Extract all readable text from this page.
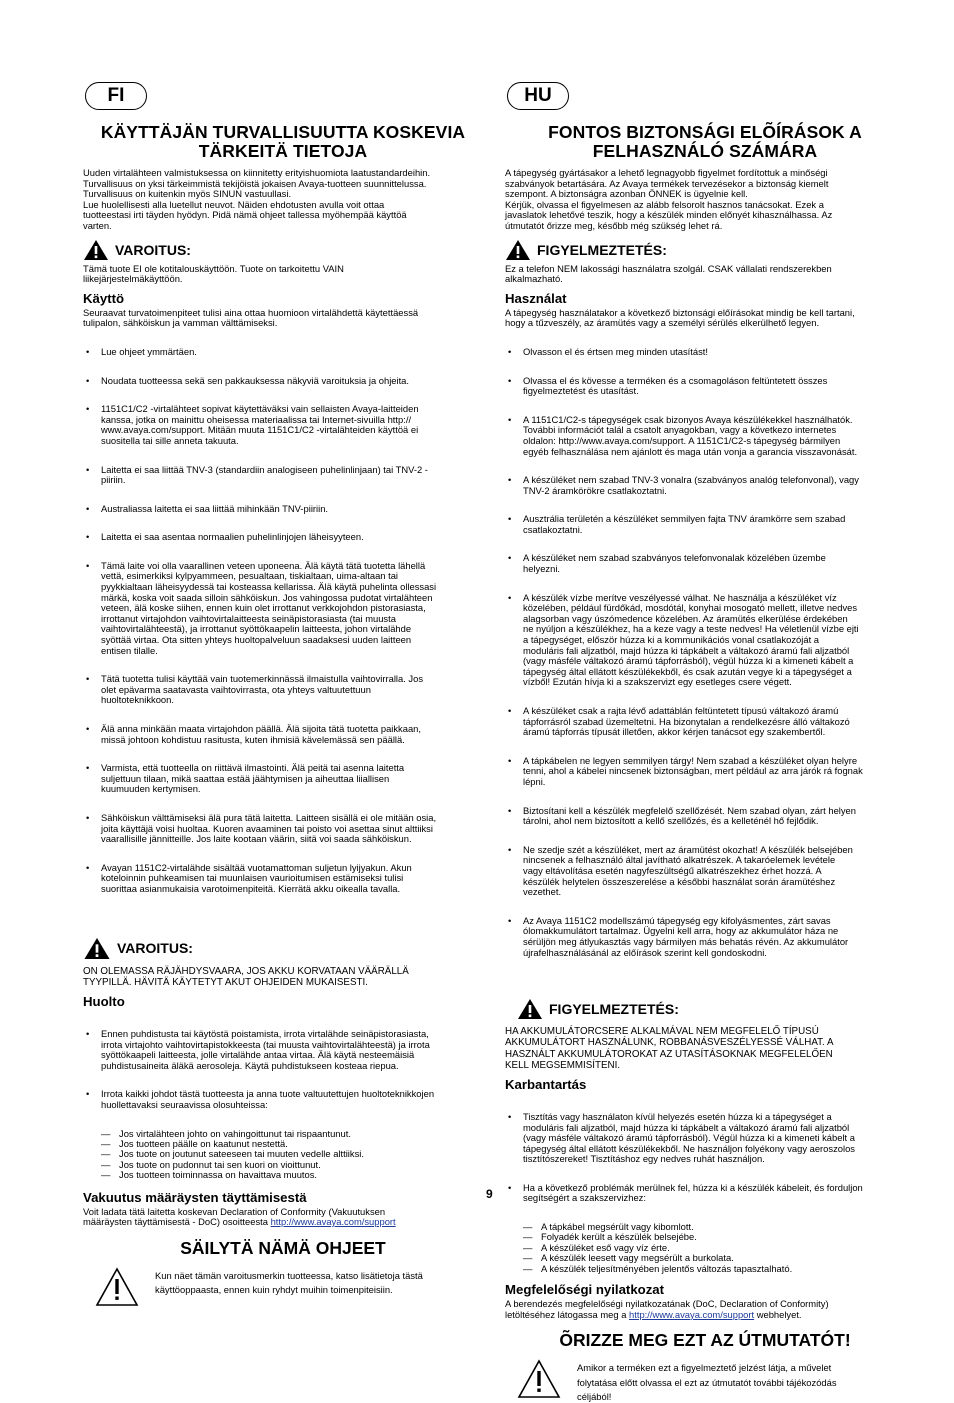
FI
KÄYTTÄJÄN TURVALLISUUTTA KOSKEVIA TÄRKEITÄ TIETOJA

Uuden virtalähteen valmistuksessa on kiinnitetty erityishuomiota laatustandardeihin.

Turvallisuus on yksi tärkeimmistä tekijöistä jokaisen Avaya-tuotteen suunnittelussa.

Turvallisuus on kuitenkin myös SINUN vastuullasi.

Lue huolellisesti alla luetellut neuvot. Näiden ehdotusten avulla voit ottaa

tuotteestasi irti täyden hyödyn. Pidä nämä ohjeet tallessa myöhempää käyttöä

varten.

VAROITUS:

Tämä tuote EI ole kotitalouskäyttöön. Tuote on tarkoitettu VAIN

liikejärjestelmäkäyttöön.

Käyttö

Seuraavat turvatoimenpiteet tulisi aina ottaa huomioon virtalähdettä käytettäessä

tulipalon, sähköiskun ja vamman välttämiseksi.

• Lue ohjeet ymmärtäen.

• Noudata tuotteessa sekä sen pakkauksessa näkyviä varoituksia ja ohjeita.

• 1151C1/C2 -virtalähteet sopivat käytettäväksi vain sellaisten Avaya-laitteiden
kanssa, jotka on mainittu oheisessa materiaalissa tai Internet-sivuilla http://
www.avaya.com/support. Mitään muuta 1151C1/C2 -virtalähteiden käyttöä ei
suositella tai sille anneta takuuta.

• Laitetta ei saa liittää TNV-3 (standardiin analogiseen puhelinlinjaan) tai TNV-2 -
piiriin.

• Australiassa laitetta ei saa liittää mihinkään TNV-piiriin.

• Laitetta ei saa asentaa normaalien puhelinlinjojen läheisyyteen.

• Tämä laite voi olla vaarallinen veteen uponeena. Älä käytä tätä tuotetta lähellä
vettä, esimerkiksi kylpyammeen, pesualtaan, tiskialtaan, uima-altaan tai
pyykkialtaan läheisyydessä tai kosteassa kellarissa. Älä käytä puhelinta ollessasi
märkä, koska voit saada silloin sähköiskun. Jos vahingossa pudotat virtalähteen
veteen, älä koske siihen, ennen kuin olet irrottanut verkkojohdon pistorasiasta,
irrottanut virtajohdon vaihtovirtalaitteesta seinäpistorasiasta (tai muusta
vaihtovirtalähteestä), ja irrottanut syöttökaapelin laitteesta, johon virtalähde
syöttää virtaa. Ota sitten yhteys huoltopalveluun saadaksesi uuden laitteen
entisen tilalle.

• Tätä tuotetta tulisi käyttää vain tuotemerkinnässä ilmaistulla vaihtovirralla. Jos
olet epävarma saatavasta vaihtovirrasta, ota yhteys valtuutettuun
huoltoteknikkoon.

• Älä anna minkään maata virtajohdon päällä. Älä sijoita tätä tuotetta paikkaan,
missä johtoon kohdistuu rasitusta, kuten ihmisiä kävelemässä sen päällä.

• Varmista, että tuotteella on riittävä ilmastointi. Älä peitä tai asenna laitetta
suljettuun tilaan, mikä saattaa estää jäähtymisen ja aiheuttaa liiallisen
kuumuuden kertymisen.

• Sähköiskun välttämiseksi älä pura tätä laitetta. Laitteen sisällä ei ole mitään osia,
joita käyttäjä voisi huoltaa. Kuoren avaaminen tai poisto voi asettaa sinut alttiiksi
vaarallisille jännitteille. Jos laite kootaan väärin, siitä voi saada sähköiskun.

• Avayan 1151C2-virtalähde sisältää vuotamattoman suljetun lyijyakun. Akun
koteloinnin puhkeamisen tai muunlaisen vaurioitumisen estämiseksi tulisi
suorittaa asianmukaisia varotoimenpiteitä. Kierrätä akku oikealla tavalla.

VAROITUS:

ON OLEMASSA RÄJÄHDYSVAARA, JOS AKKU KORVATAAN VÄÄRÄLLÄ

TYYPILLÄ. HÄVITÄ KÄYTETYT AKUT OHJEIDEN MUKAISESTI.

Huolto

• Ennen puhdistusta tai käytöstä poistamista, irrota virtalähde seinäpistorasiasta,
irrota virtajohto vaihtovirtapistokkeesta (tai muusta vaihtovirtalähteestä) ja irrota
syöttökaapeli laitteesta, jolle virtalähde antaa virtaa. Älä käytä nesteemäisiä
puhdistusaineita äläkä aerosoleja. Käytä puhdistukseen kosteaa riepua.

• Irrota kaikki johdot tästä tuotteesta ja anna tuote valtuutettujen huoltoteknikkojen
huollettavaksi seuraavissa olosuhteissa:

— Jos virtalähteen johto on vahingoittunut tai rispaantunut.
— Jos tuotteen päälle on kaatunut nestettä.
— Jos tuote on joutunut sateeseen tai muuten vedelle alttiiksi.
— Jos tuote on pudonnut tai sen kuori on vioittunut.
— Jos tuotteen toiminnassa on havaittava muutos.
Vakuutus määräysten täyttämisestä

Voit ladata tätä laitetta koskevan Declaration of Conformity (Vakuutuksen

määräysten täyttämisestä - DoC) osoitteesta http://www.avaya.com/support

SÄILYTÄ NÄMÄ OHJEET

Kun näet tämän varoitusmerkin tuotteessa, katso lisätietoja tästä

käyttöoppaasta, ennen kuin ryhdyt muihin toimenpiteisiin.

HU
FONTOS BIZTONSÁGI ELÕÍRÁSOK A FELHASZNÁLÓ SZÁMÁRA

A tápegység gyártásakor a lehető legnagyobb figyelmet fordítottuk a minőségi

szabványok betartására. Az Avaya termékek tervezésekor a biztonság kiemelt

szempont. A biztonságra azonban ÖNNEK is ügyelnie kell.

Kérjük, olvassa el figyelmesen az alább felsorolt hasznos tanácsokat. Ezek a

javaslatok lehetővé teszik, hogy a készülék minden előnyét kihasználhassa. Az

útmutatót őrizze meg, később még szükség lehet rá.

FIGYELMEZTETÉS:

Ez a telefon NEM lakossági használatra szolgál. CSAK vállalati rendszerekben

alkalmazható.

Használat

A tápegység használatakor a következő biztonsági előírásokat mindig be kell tartani,

hogy a tűzveszély, az áramütés vagy a személyi sérülés elkerülhető legyen.

• Olvasson el és értsen meg minden utasítást!

• Olvassa el és kövesse a terméken és a csomagoláson feltüntetett összes
figyelmeztetést és utasítást.

• A 1151C1/C2-s tápegységek csak bizonyos Avaya készülékekkel használhatók.
További információt talál a csatolt anyagokban, vagy a következo internetes
oldalon: http://www.avaya.com/support. A 1151C1/C2-s tápegység bármilyen
egyéb felhasználása nem ajánlott és maga után vonja a garancia visszavonását.

• A készüléket nem szabad TNV-3 vonalra (szabványos analóg telefonvonal), vagy
TNV-2 áramkörökre csatlakoztatni.

• Ausztrália területén a készüléket semmilyen fajta TNV áramkörre sem szabad
csatlakoztatni.

• A készüléket nem szabad szabványos telefonvonalak közelében üzembe
helyezni.

• A készülék vízbe merítve veszélyessé válhat. Ne használja a készüléket víz
közelében, például fürdőkád, mosdótál, konyhai mosogató mellett, illetve nedves
alagsorban vagy úszómedence közelében. Az áramütés elkerülése érdekében
ne nyúljon a készülékhez, ha a keze vagy a teste nedves! Ha véletlenül vízbe ejti
a tápegységet, először húzza ki a kommunikációs vonal csatlakozóját a
moduláris fali aljzatból, majd húzza ki tápkábelt a váltakozó áramú fali aljzatból
(vagy másféle váltakozó áramú tápforrásból), végül húzza ki a kimeneti kábelt a
tápegység által ellátott készülékekből, és csak azután vegye ki a tápegységet a
vízből! Ezután hívja ki a szakszervizt egy esetleges csere végett.

• A készüléket csak a rajta lévő adattáblán feltüntetett típusú váltakozó áramú
tápforrásról szabad üzemeltetni. Ha bizonytalan a rendelkezésre álló váltakozó
áramú tápforrás típusát illetően, akkor kérjen tanácsot egy szakembertől.

• A tápkábelen ne legyen semmilyen tárgy! Nem szabad a készüléket olyan helyre
tenni, ahol a kábelei nincsenek biztonságban, mert például az arra járók rá fognak
lépni.

• Biztosítani kell a készülék megfelelő szellőzését. Nem szabad olyan, zárt helyen
tárolni, ahol nem biztosított a kellő szellőzés, és a kelleténél hő fejlődik.

• Ne szedje szét a készüléket, mert az áramütést okozhat! A készülék belsejében
nincsenek a felhasználó által javítható alkatrészek. A takaróelemek levétele
vagy eltávolítása esetén nagyfeszültségű alkatrészekhez érhet hozzá. A
készülék helytelen összeszerelése a későbbi használat során áramütéshez
vezethet.

• Az Avaya 1151C2 modellszámú tápegység egy kifolyásmentes, zárt savas
ólomakkumulátort tartalmaz. Ügyelni kell arra, hogy az akkumulátor háza ne
sérüljön meg átlyukasztás vagy bármilyen más behatás révén. Az akkumulátor
újrafelhasználásánál az előírások szerint kell gondoskodni.

FIGYELMEZTETÉS:

HA AKKUMULÁTORCSERE ALKALMÁVAL NEM MEGFELELŐ TÍPUSÚ

AKKUMULÁTORT HASZNÁLUNK, ROBBANÁSVESZÉLYESSÉ VÁLHAT. A

HASZNÁLT AKKUMULÁTOROKAT AZ UTASÍTÁSOKNAK MEGFELELŐEN

KELL MEGSEMMISÍTENI.

Karbantartás

• Tisztítás vagy használaton kívül helyezés esetén húzza ki a tápegységet a
moduláris fali aljzatból, majd húzza ki tápkábelt a váltakozó áramú fali aljzatból
(vagy másféle váltakozó áramú tápforrásból). Végül húzza ki a kimeneti kábelt a
tápegység által ellátott készülékekből. Ne használjon folyékony vagy aeroszolos
tisztítószereket! Tisztításhoz egy nedves ruhát használjon.

• Ha a következő problémák merülnek fel, húzza ki a készülék kábeleit, és forduljon
segítségért a szakszervizhez:

— A tápkábel megsérült vagy kibomlott.
— Folyadék került a készülék belsejébe.
— A készüléket eső vagy víz érte.
— A készülék leesett vagy megsérült a burkolata.
— A készülék teljesítményében jelentős változás tapasztalható.
Megfelelőségi nyilatkozat

A berendezés megfelelőségi nyilatkozatának (DoC, Declaration of Conformity)

letöltéséhez látogassa meg a http://www.avaya.com/support webhelyet.

ÕRIZZE MEG EZT AZ ÚTMUTATÓT!

Amikor a terméken ezt a figyelmeztető jelzést látja, a művelet

folytatása előtt olvassa el ezt az útmutatót további tájékozódás

céljából!

9
